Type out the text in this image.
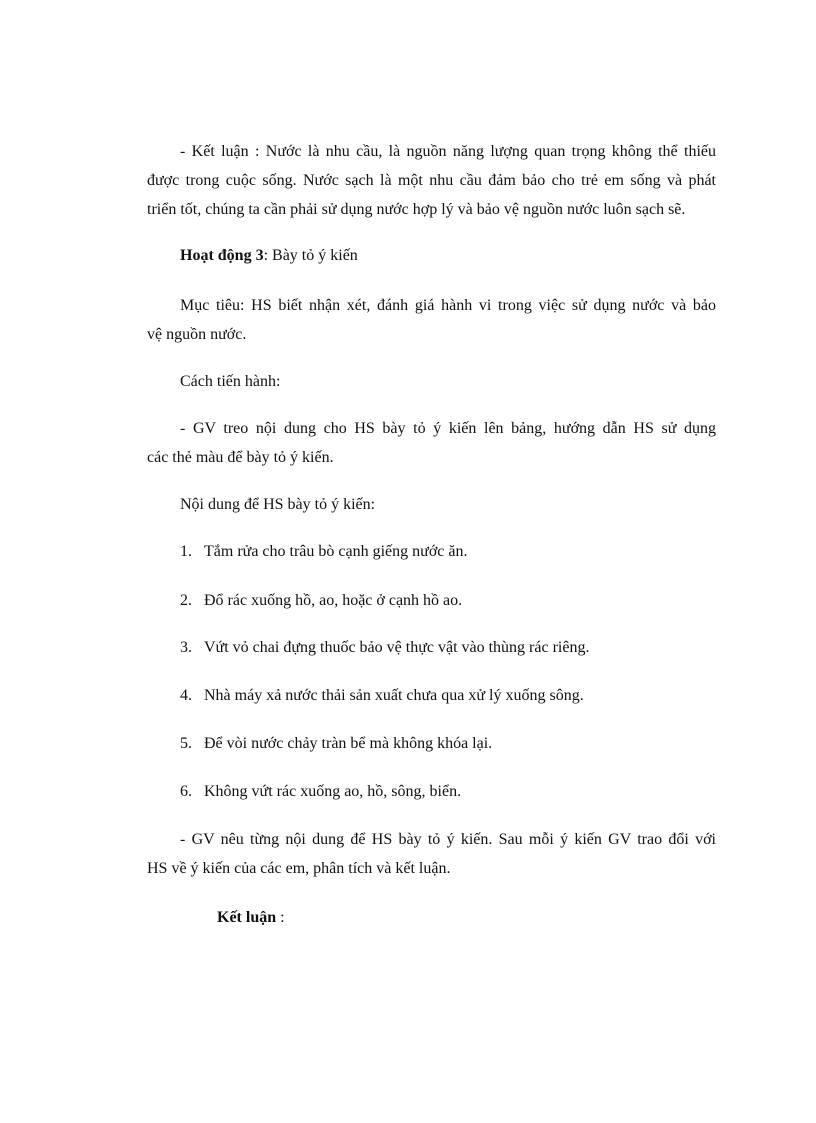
- Kết luận : Nước là nhu cầu, là nguồn năng lượng quan trọng không thể thiếu
được trong cuộc sống. Nước sạch là một nhu cầu đảm bảo cho trẻ em sống và phát
triển tốt, chúng ta cần phải sử dụng nước hợp lý và bảo vệ nguồn nước luôn sạch sẽ.

Hoạt động 3: Bày tỏ ý kiến

Mục tiêu: HS biết nhận xét, đánh giá hành vi trong việc sử dụng nước và bảo
vệ nguồn nước.

Cách tiến hành:

- GV treo nội dung cho HS bày tỏ ý kiến lên bảng, hướng dẫn HS sử dụng
các thẻ màu để bày tỏ ý kiến.

Nội dung để HS bày tỏ ý kiến:

1. Tắm rửa cho trâu bò cạnh giếng nước ăn.

2. Đổ rác xuống hồ, ao, hoặc ở cạnh hồ ao.

3. Vứt vỏ chai đựng thuốc bảo vệ thực vật vào thùng rác riêng.

4. Nhà máy xả nước thải sản xuất chưa qua xử lý xuống sông.

5. Để vòi nước chảy tràn bể mà không khóa lại.

6. Không vứt rác xuống ao, hồ, sông, biển.

- GV nêu từng nội dung để HS bày tỏ ý kiến. Sau mỗi ý kiến GV trao đổi với
HS về ý kiến của các em, phân tích và kết luận.

Kết luận :
